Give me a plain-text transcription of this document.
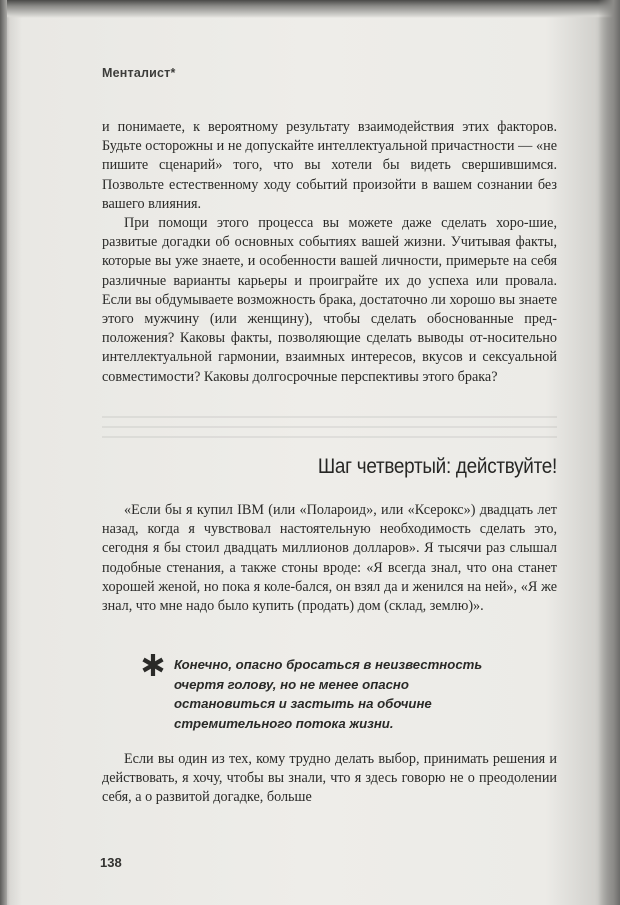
Менталист*

и понимаете, к вероятному результату взаимодействия этих факторов. Будьте осторожны и не допускайте интеллектуальной причастности — «не пишите сценарий» того, что вы хотели бы видеть свершившимся. Позвольте естественному ходу событий произойти в вашем сознании без вашего влияния.

При помощи этого процесса вы можете даже сделать хоро-шие, развитые догадки об основных событиях вашей жизни. Учитывая факты, которые вы уже знаете, и особенности вашей личности, примерьте на себя различные варианты карьеры и проиграйте их до успеха или провала. Если вы обдумываете возможность брака, достаточно ли хорошо вы знаете этого мужчину (или женщину), чтобы сделать обоснованные пред-положения? Каковы факты, позволяющие сделать выводы от-носительно интеллектуальной гармонии, взаимных интересов, вкусов и сексуальной совместимости? Каковы долгосрочные перспективы этого брака?

Шаг четвертый: действуйте!

«Если бы я купил IBM (или «Полароид», или «Ксерокс») двадцать лет назад, когда я чувствовал настоятельную необходимость сделать это, сегодня я бы стоил двадцать миллионов долларов». Я тысячи раз слышал подобные стенания, а также стоны вроде: «Я всегда знал, что она станет хорошей женой, но пока я коле-бался, он взял да и женился на ней», «Я же знал, что мне надо было купить (продать) дом (склад, землю)».

Конечно, опасно бросаться в неизвестность
очертя голову, но не менее опасно
остановиться и застыть на обочине
стремительного потока жизни.

Если вы один из тех, кому трудно делать выбор, принимать решения и действовать, я хочу, чтобы вы знали, что я здесь говорю не о преодолении себя, а о развитой догадке, больше

138
